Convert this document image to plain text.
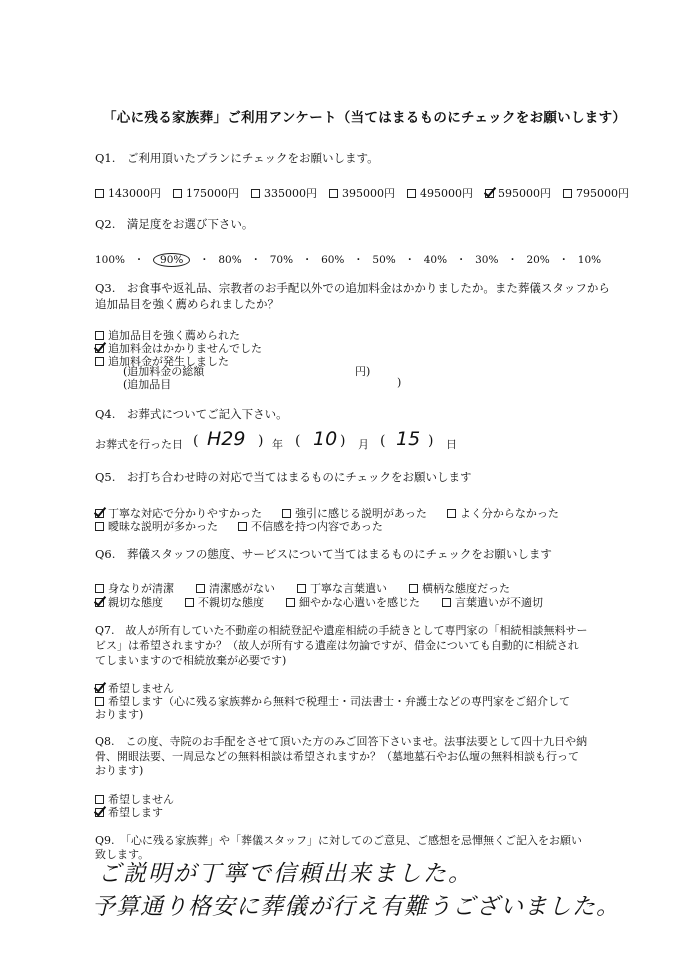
「心に残る家族葬」ご利用アンケート（当てはまるものにチェックをお願いします）
Q1.　ご利用頂いたプランにチェックをお願いします。
143000円 175000円 335000円 395000円 495000円 595000円 795000円
Q2.　満足度をお選び下さい。
100% ・ 90% ・ 80% ・ 70% ・ 60% ・ 50% ・ 40% ・ 30% ・ 20% ・ 10%
Q3.　お食事や返礼品、宗教者のお手配以外での追加料金はかかりましたか。また葬儀スタッフから
追加品目を強く薦められましたか？
追加品目を強く薦められた
追加料金はかかりませんでした
追加料金が発生しました
(追加料金の総額	円)
(追加品目	)
Q4.　お葬式についてご記入下さい。
お葬式を行った日 ( H29 ) 年 ( 10 ) 月 ( 15 ) 日
Q5.　お打ち合わせ時の対応で当てはまるものにチェックをお願いします
丁寧な対応で分かりやすかった	強引に感じる説明があった	よく分からなかった
曖昧な説明が多かった	不信感を持つ内容であった
Q6.　葬儀スタッフの態度、サービスについて当てはまるものにチェックをお願いします
身なりが清潔	清潔感がない	丁寧な言葉遣い	横柄な態度だった
親切な態度	不親切な態度	細やかな心遣いを感じた	言葉遣いが不適切
Q7.　故人が所有していた不動産の相続登記や遺産相続の手続きとして専門家の「相続相談無料サー
ビス」は希望されますか？（故人が所有する遺産は勿論ですが、借金についても自動的に相続され
てしまいますので相続放棄が必要です)
希望しません
希望します（心に残る家族葬から無料で税理士・司法書士・弁護士などの専門家をご紹介して
おります)
Q8.　この度、寺院のお手配をさせて頂いた方のみご回答下さいませ。法事法要として四十九日や納
骨、開眼法要、一周忌などの無料相談は希望されますか？（墓地墓石やお仏壇の無料相談も行って
おります)
希望しません
希望します
Q9.　「心に残る家族葬」や「葬儀スタッフ」に対してのご意見、ご感想を忌憚無くご記入をお願い
致します。
ご説明が丁寧で信頼出来ました。
予算通り格安に葬儀が行え有難うございました。
